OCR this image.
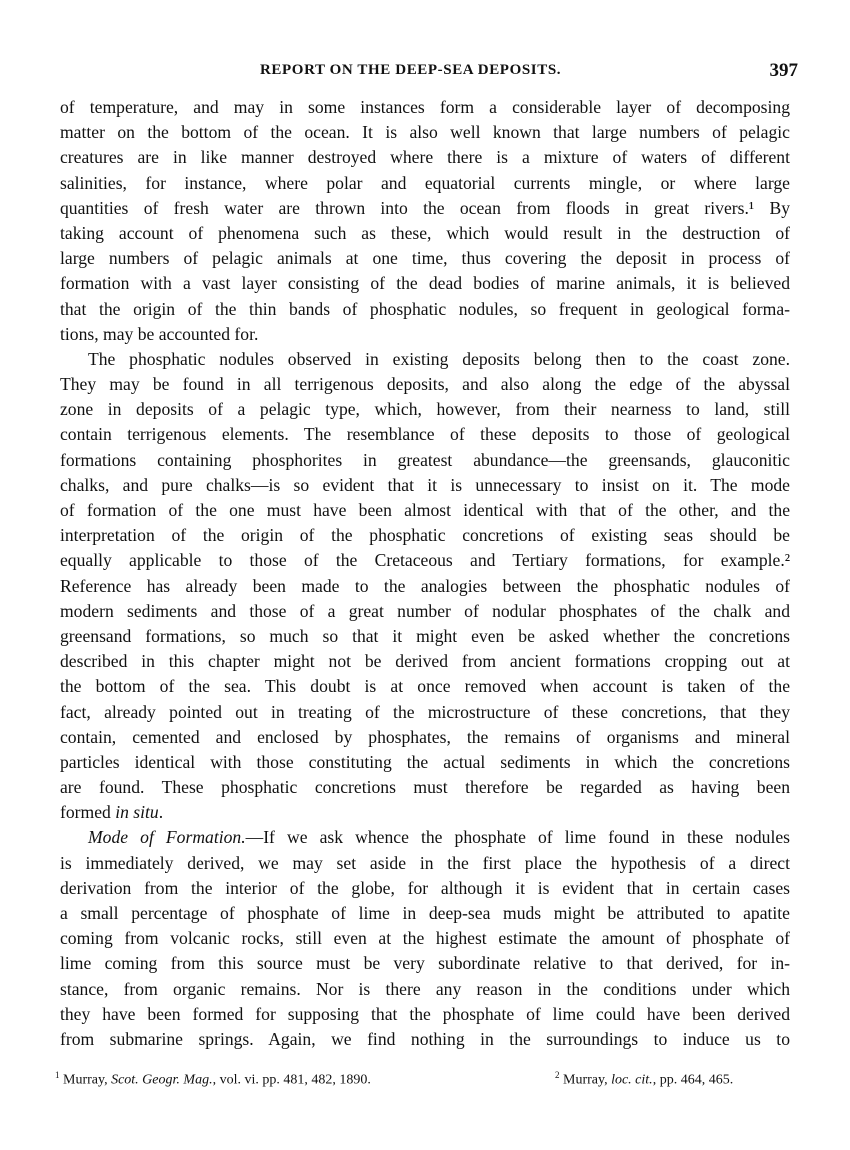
REPORT ON THE DEEP-SEA DEPOSITS.	397
of temperature, and may in some instances form a considerable layer of decomposing
matter on the bottom of the ocean. It is also well known that large numbers of pelagic
creatures are in like manner destroyed where there is a mixture of waters of different
salinities, for instance, where polar and equatorial currents mingle, or where large
quantities of fresh water are thrown into the ocean from floods in great rivers.¹ By
taking account of phenomena such as these, which would result in the destruction of
large numbers of pelagic animals at one time, thus covering the deposit in process of
formation with a vast layer consisting of the dead bodies of marine animals, it is believed
that the origin of the thin bands of phosphatic nodules, so frequent in geological forma-
tions, may be accounted for.
The phosphatic nodules observed in existing deposits belong then to the coast zone.
They may be found in all terrigenous deposits, and also along the edge of the abyssal
zone in deposits of a pelagic type, which, however, from their nearness to land, still
contain terrigenous elements. The resemblance of these deposits to those of geological
formations containing phosphorites in greatest abundance—the greensands, glauconitic
chalks, and pure chalks—is so evident that it is unnecessary to insist on it. The mode
of formation of the one must have been almost identical with that of the other, and the
interpretation of the origin of the phosphatic concretions of existing seas should be
equally applicable to those of the Cretaceous and Tertiary formations, for example.²
Reference has already been made to the analogies between the phosphatic nodules of
modern sediments and those of a great number of nodular phosphates of the chalk and
greensand formations, so much so that it might even be asked whether the concretions
described in this chapter might not be derived from ancient formations cropping out at
the bottom of the sea. This doubt is at once removed when account is taken of the
fact, already pointed out in treating of the microstructure of these concretions, that they
contain, cemented and enclosed by phosphates, the remains of organisms and mineral
particles identical with those constituting the actual sediments in which the concretions
are found. These phosphatic concretions must therefore be regarded as having been
formed in situ.
Mode of Formation.—If we ask whence the phosphate of lime found in these nodules
is immediately derived, we may set aside in the first place the hypothesis of a direct
derivation from the interior of the globe, for although it is evident that in certain cases
a small percentage of phosphate of lime in deep-sea muds might be attributed to apatite
coming from volcanic rocks, still even at the highest estimate the amount of phosphate of
lime coming from this source must be very subordinate relative to that derived, for in-
stance, from organic remains. Nor is there any reason in the conditions under which
they have been formed for supposing that the phosphate of lime could have been derived
from submarine springs. Again, we find nothing in the surroundings to induce us to
$^1$ Murray, Scot. Geogr. Mag., vol. vi. pp. 481, 482, 1890.	$^2$ Murray, loc. cit., pp. 464, 465.
